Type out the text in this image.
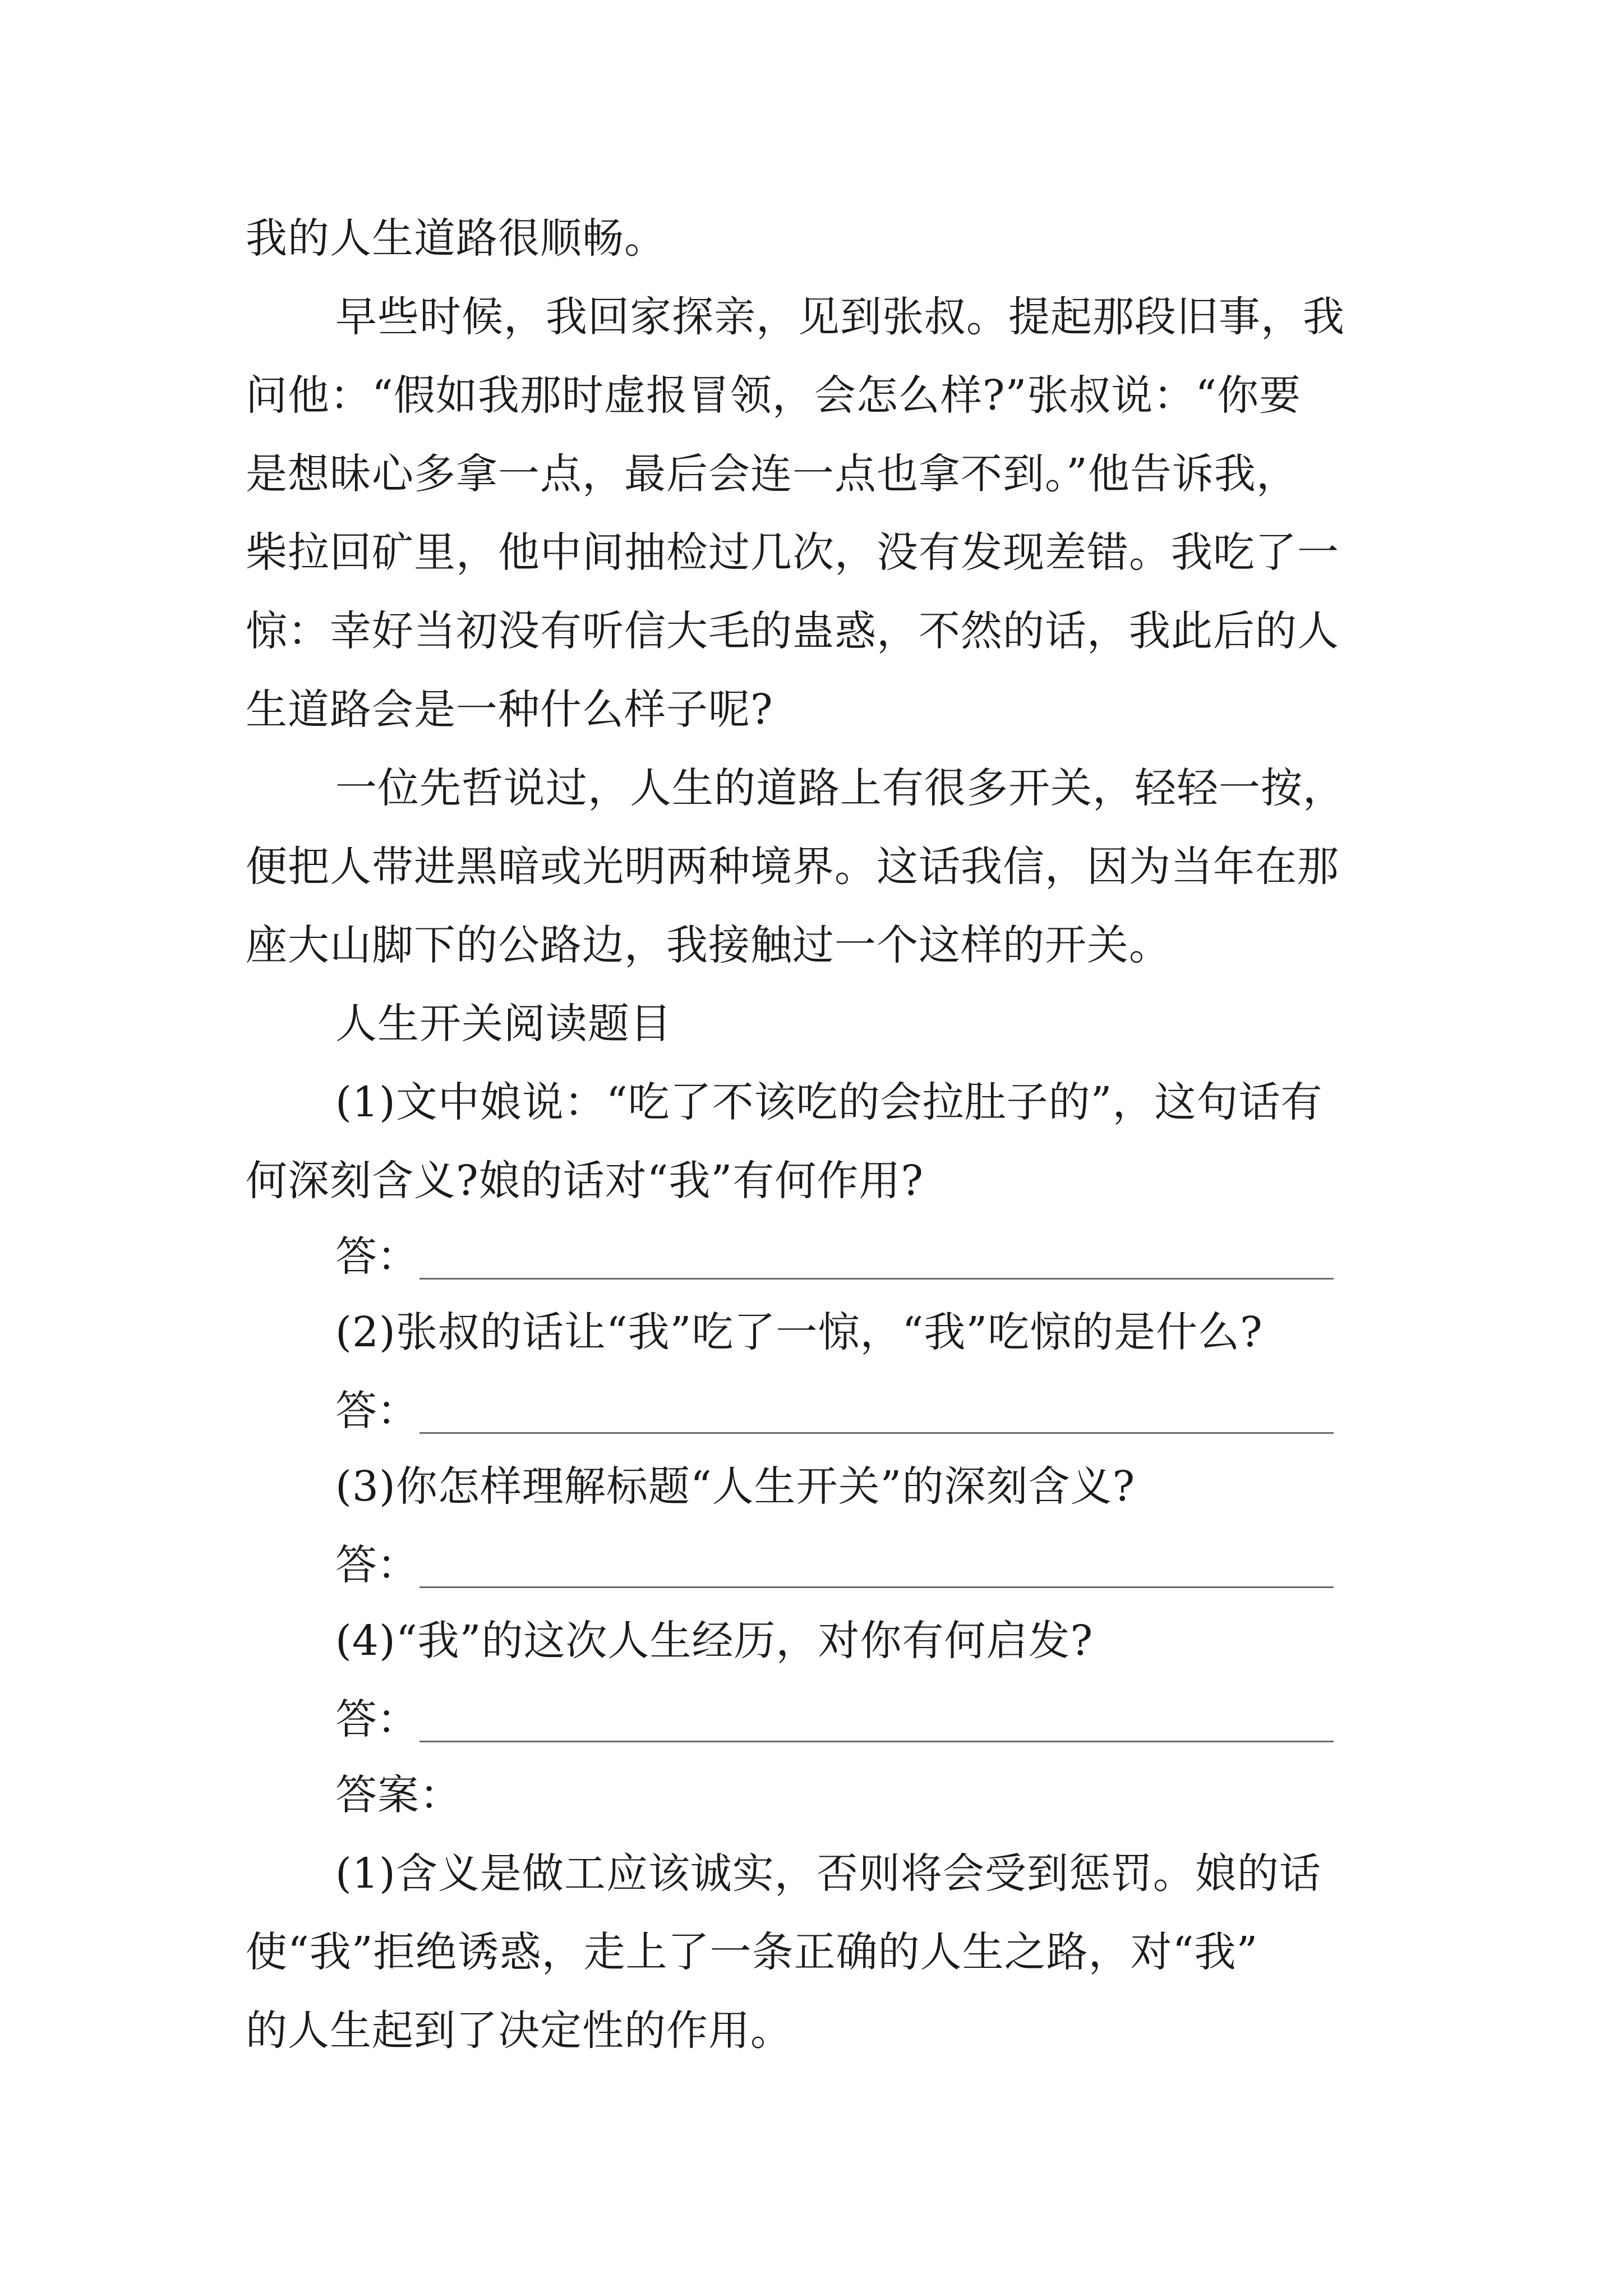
我的人生道路很顺畅。
早些时候，我回家探亲，见到张叔。提起那段旧事，我
问他：“假如我那时虚报冒领，会怎么样?”张叔说：“你要
是想昧心多拿一点，最后会连一点也拿不到。”他告诉我，
柴拉回矿里，他中间抽检过几次，没有发现差错。我吃了一
惊：幸好当初没有听信大毛的蛊惑，不然的话，我此后的人
生道路会是一种什么样子呢?
一位先哲说过，人生的道路上有很多开关，轻轻一按，
便把人带进黑暗或光明两种境界。这话我信，因为当年在那
座大山脚下的公路边，我接触过一个这样的开关。
人生开关阅读题目
(1)文中娘说：“吃了不该吃的会拉肚子的”，这句话有
何深刻含义?娘的话对“我”有何作用?
答：
(2)张叔的话让“我”吃了一惊，“我”吃惊的是什么?
答：
(3)你怎样理解标题“人生开关”的深刻含义?
答：
(4)“我”的这次人生经历，对你有何启发?
答：
答案：
(1)含义是做工应该诚实，否则将会受到惩罚。娘的话
使“我”拒绝诱惑，走上了一条正确的人生之路，对“我”
的人生起到了决定性的作用。
